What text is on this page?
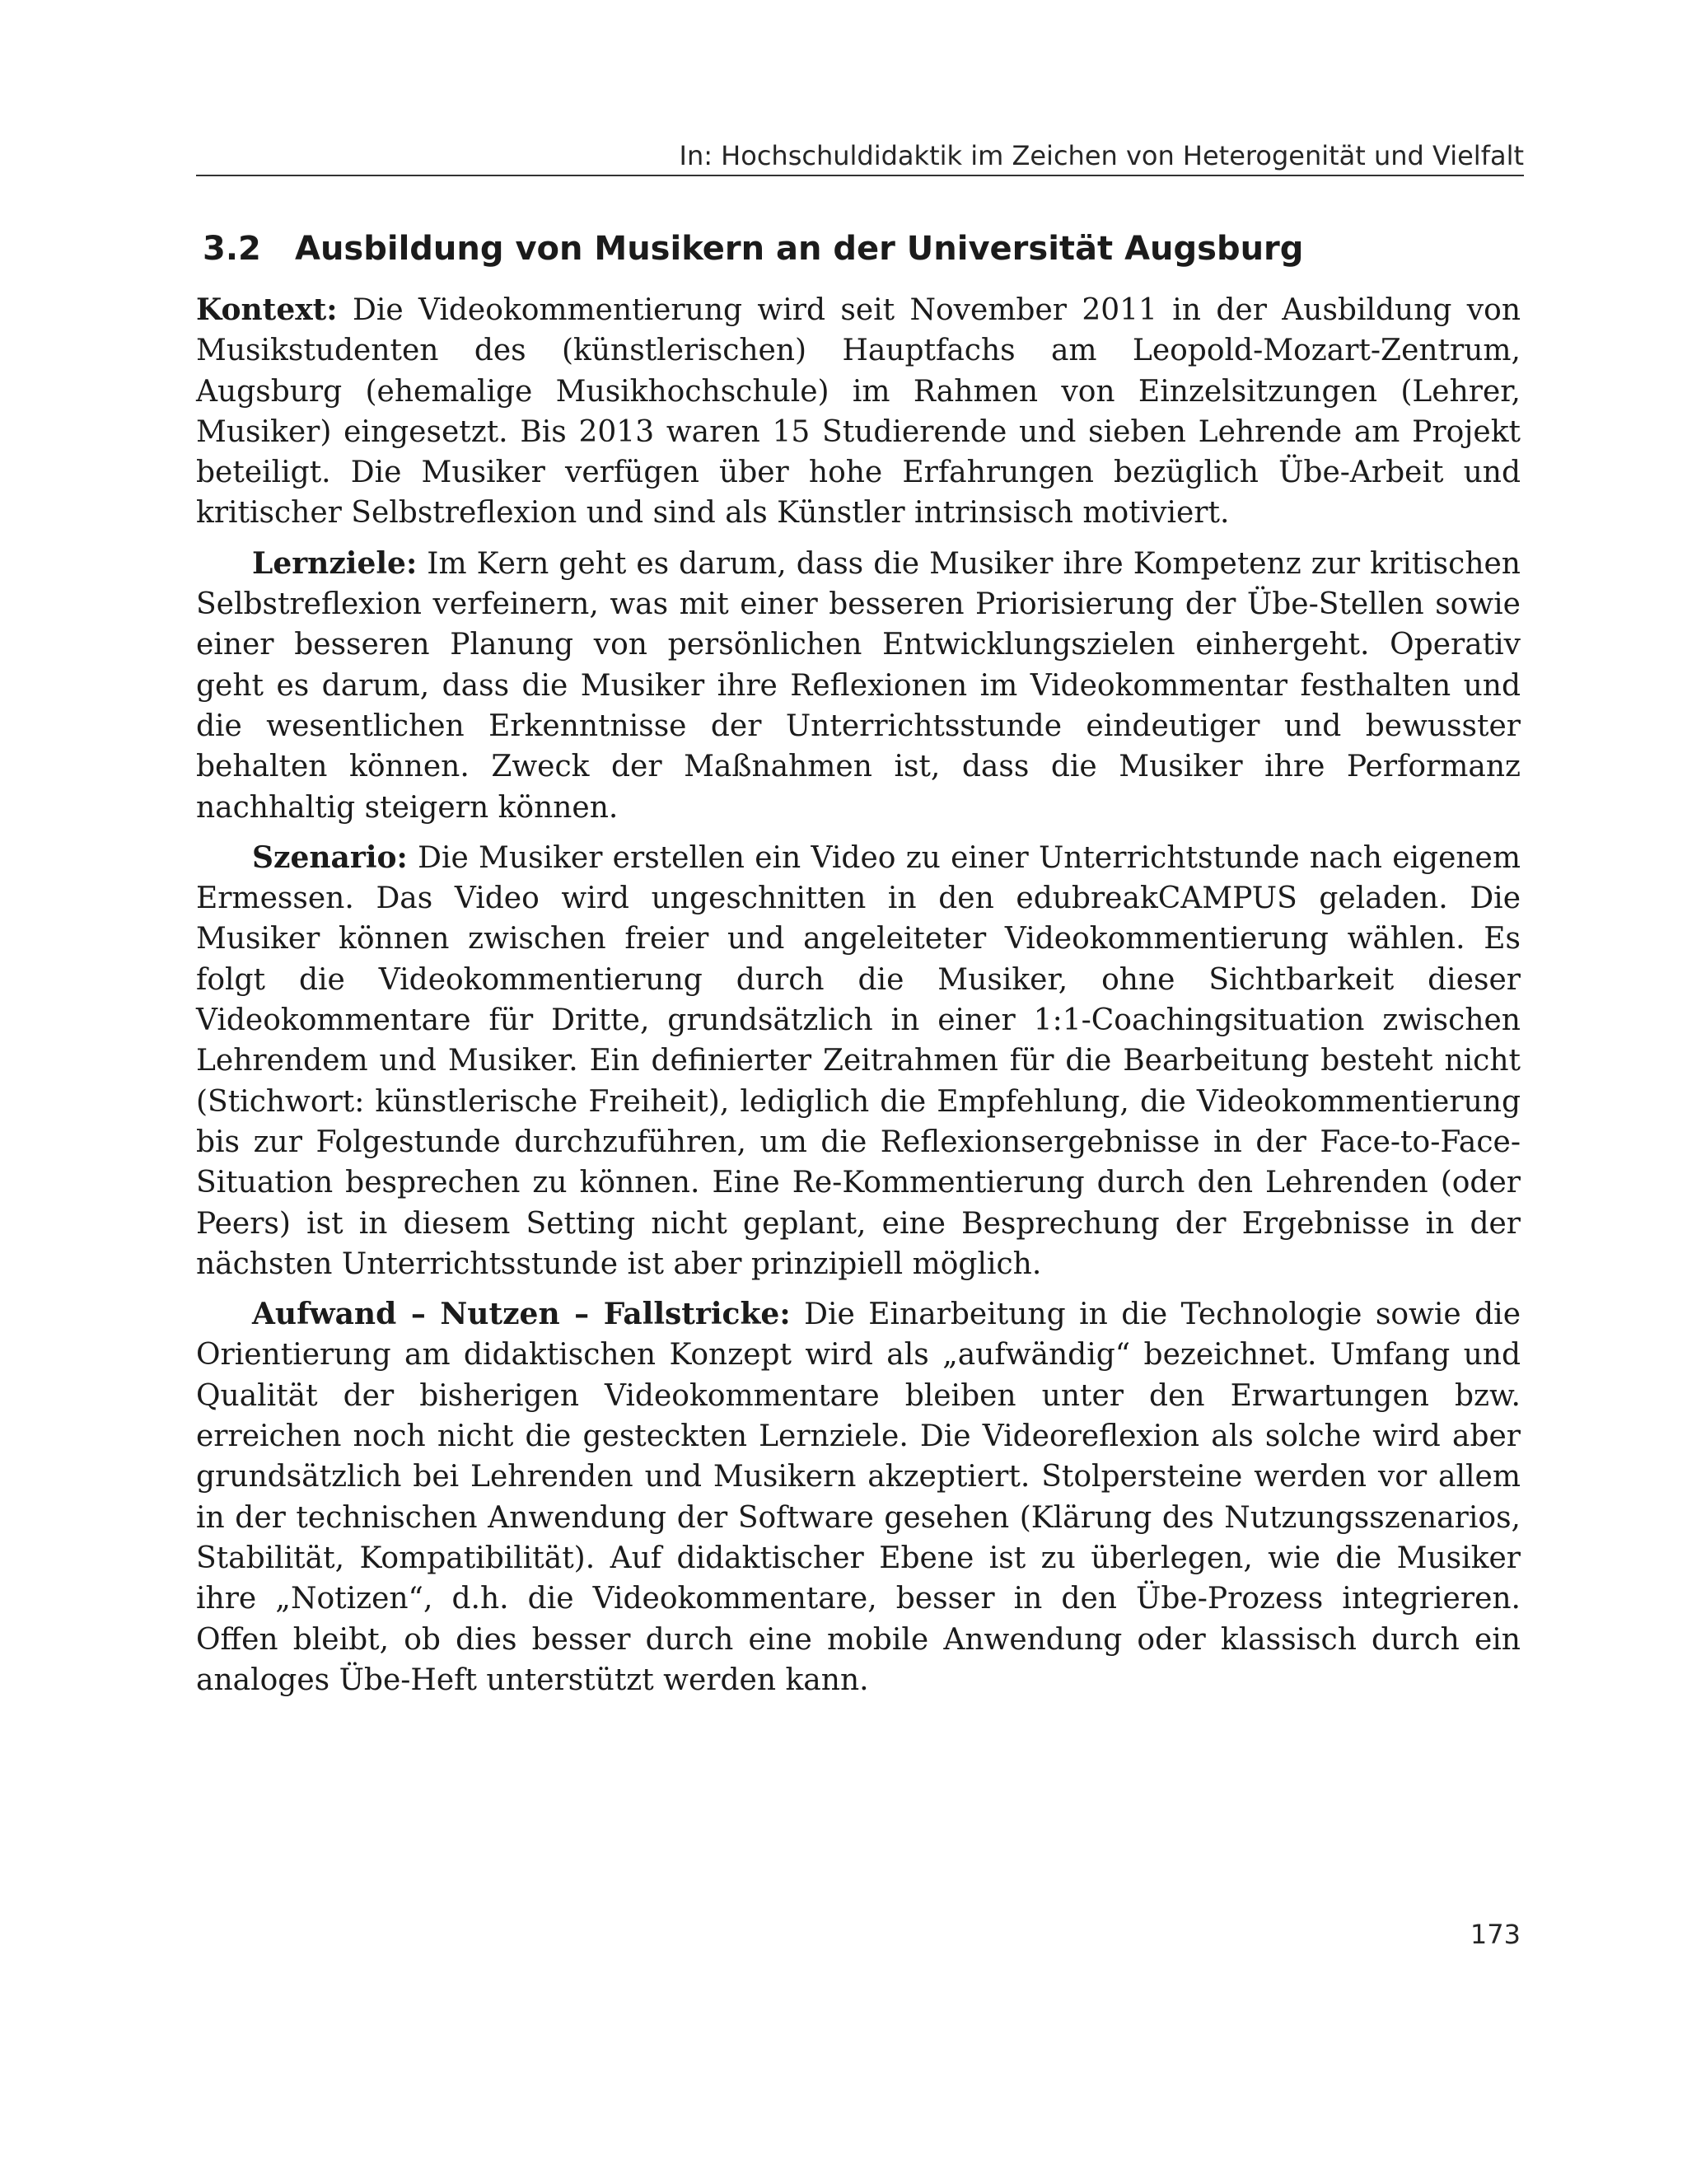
In: Hochschuldidaktik im Zeichen von Heterogenität und Vielfalt
3.2 Ausbildung von Musikern an der Universität Augsburg

Kontext: Die Videokommentierung wird seit November 2011 in der Ausbildung von Musikstudenten des (künstlerischen) Hauptfachs am Leopold-Mozart-Zentrum, Augsburg (ehemalige Musikhochschule) im Rahmen von Einzelsitzungen (Lehrer, Musiker) eingesetzt. Bis 2013 waren 15 Studierende und sieben Lehrende am Projekt beteiligt. Die Musiker verfügen über hohe Erfahrungen bezüglich Übe-Arbeit und kritischer Selbstreflexion und sind als Künstler intrinsisch motiviert.

Lernziele: Im Kern geht es darum, dass die Musiker ihre Kompetenz zur kritischen Selbstreflexion verfeinern, was mit einer besseren Priorisierung der Übe-Stellen sowie einer besseren Planung von persönlichen Entwicklungszielen einhergeht. Operativ geht es darum, dass die Musiker ihre Reflexionen im Videokommentar festhalten und die wesentlichen Erkenntnisse der Unterrichtsstunde eindeutiger und bewusster behalten können. Zweck der Maßnahmen ist, dass die Musiker ihre Performanz nachhaltig steigern können.

Szenario: Die Musiker erstellen ein Video zu einer Unterrichtstunde nach eigenem Ermessen. Das Video wird ungeschnitten in den edubreakCAMPUS geladen. Die Musiker können zwischen freier und angeleiteter Videokommentierung wählen. Es folgt die Videokommentierung durch die Musiker, ohne Sichtbarkeit dieser Videokommentare für Dritte, grundsätzlich in einer 1:1-Coachingsituation zwischen Lehrendem und Musiker. Ein definierter Zeitrahmen für die Bearbeitung besteht nicht (Stichwort: künstlerische Freiheit), lediglich die Empfehlung, die Videokommentierung bis zur Folgestunde durchzuführen, um die Reflexionsergebnisse in der Face-to-Face-Situation besprechen zu können. Eine Re-Kommentierung durch den Lehrenden (oder Peers) ist in diesem Setting nicht geplant, eine Besprechung der Ergebnisse in der nächsten Unterrichtsstunde ist aber prinzipiell möglich.

Aufwand – Nutzen – Fallstricke: Die Einarbeitung in die Technologie sowie die Orientierung am didaktischen Konzept wird als „aufwändig“ bezeichnet. Umfang und Qualität der bisherigen Videokommentare bleiben unter den Erwartungen bzw. erreichen noch nicht die gesteckten Lernziele. Die Videoreflexion als solche wird aber grundsätzlich bei Lehrenden und Musikern akzeptiert. Stolpersteine werden vor allem in der technischen Anwendung der Software gesehen (Klärung des Nutzungsszenarios, Stabilität, Kompatibilität). Auf didaktischer Ebene ist zu überlegen, wie die Musiker ihre „Notizen“, d.h. die Videokommentare, besser in den Übe-Prozess integrieren. Offen bleibt, ob dies besser durch eine mobile Anwendung oder klassisch durch ein analoges Übe-Heft unterstützt werden kann.

173
